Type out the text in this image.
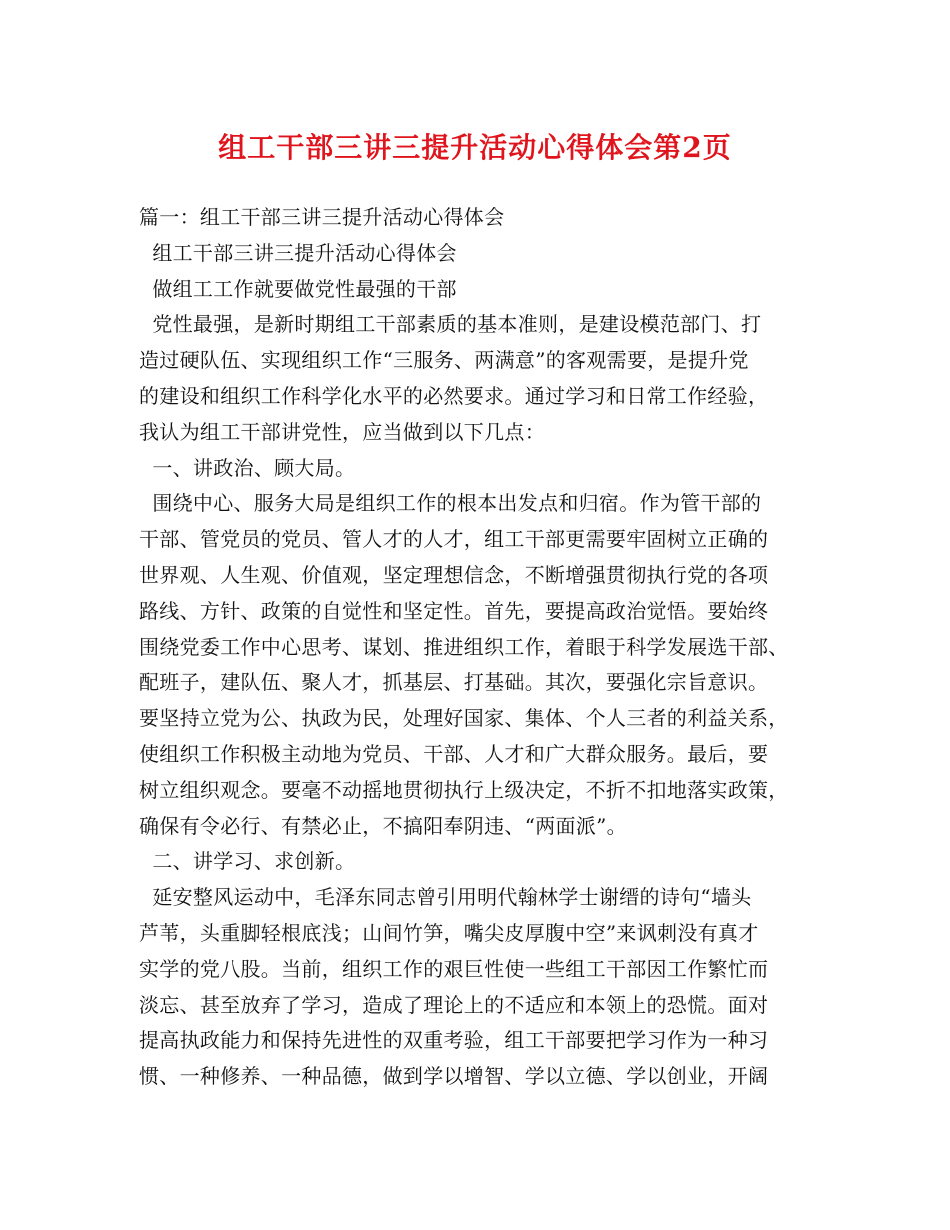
组工干部三讲三提升活动心得体会第2页
篇一：组工干部三讲三提升活动心得体会
组工干部三讲三提升活动心得体会
做组工工作就要做党性最强的干部
党性最强，是新时期组工干部素质的基本准则，是建设模范部门、打
造过硬队伍、实现组织工作“三服务、两满意”的客观需要，是提升党
的建设和组织工作科学化水平的必然要求。通过学习和日常工作经验，
我认为组工干部讲党性，应当做到以下几点：
一、讲政治、顾大局。
围绕中心、服务大局是组织工作的根本出发点和归宿。作为管干部的
干部、管党员的党员、管人才的人才，组工干部更需要牢固树立正确的
世界观、人生观、价值观，坚定理想信念，不断增强贯彻执行党的各项
路线、方针、政策的自觉性和坚定性。首先，要提高政治觉悟。要始终
围绕党委工作中心思考、谋划、推进组织工作，着眼于科学发展选干部、
配班子，建队伍、聚人才，抓基层、打基础。其次，要强化宗旨意识。
要坚持立党为公、执政为民，处理好国家、集体、个人三者的利益关系，
使组织工作积极主动地为党员、干部、人才和广大群众服务。最后，要
树立组织观念。要毫不动摇地贯彻执行上级决定，不折不扣地落实政策，
确保有令必行、有禁必止，不搞阳奉阴违、“两面派”。
二、讲学习、求创新。
延安整风运动中，毛泽东同志曾引用明代翰林学士谢缙的诗句“墙头
芦苇，头重脚轻根底浅；山间竹笋，嘴尖皮厚腹中空”来讽刺没有真才
实学的党八股。当前，组织工作的艰巨性使一些组工干部因工作繁忙而
淡忘、甚至放弃了学习，造成了理论上的不适应和本领上的恐慌。面对
提高执政能力和保持先进性的双重考验，组工干部要把学习作为一种习
惯、一种修养、一种品德，做到学以增智、学以立德、学以创业，开阔
